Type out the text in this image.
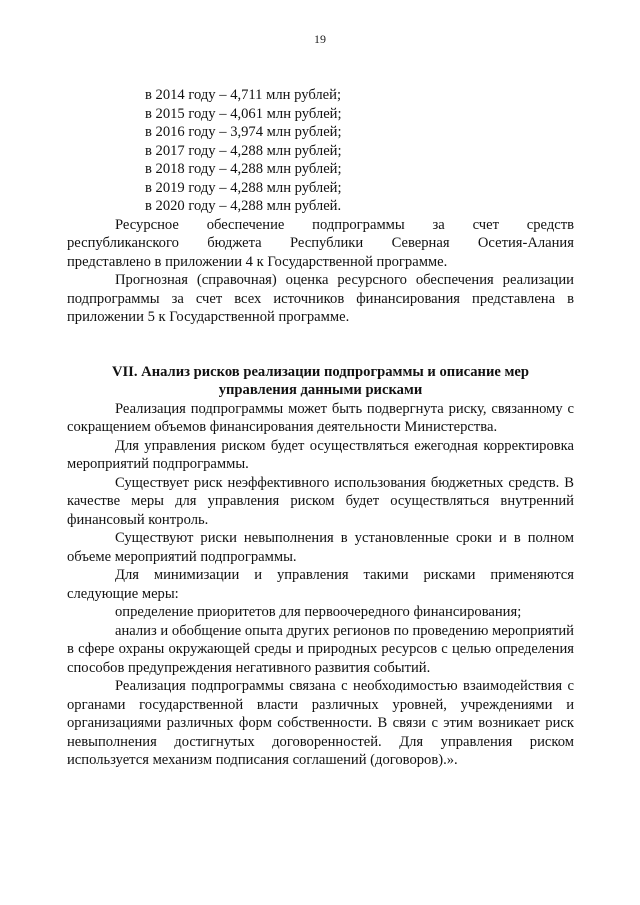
19
в 2014 году – 4,711 млн рублей;
в 2015 году – 4,061 млн рублей;
в 2016 году – 3,974 млн рублей;
в 2017 году – 4,288 млн рублей;
в 2018 году – 4,288 млн рублей;
в 2019 году – 4,288 млн рублей;
в 2020 году – 4,288 млн рублей.
Ресурсное обеспечение подпрограммы за счет средств
республиканского бюджета Республики Северная Осетия-Алания
представлено в приложении 4 к Государственной программе.

Прогнозная (справочная) оценка ресурсного обеспечения реализации подпрограммы за счет всех источников финансирования представлена в приложении 5 к Государственной программе.

VII. Анализ рисков реализации подпрограммы и описание мер

управления данными рисками

Реализация подпрограммы может быть подвергнута риску, связанному с сокращением объемов финансирования деятельности Министерства.

Для управления риском будет осуществляться ежегодная корректировка мероприятий подпрограммы.

Существует риск неэффективного использования бюджетных средств. В качестве меры для управления риском будет осуществляться внутренний финансовый контроль.

Существуют риски невыполнения в установленные сроки и в полном объеме мероприятий подпрограммы.

Для минимизации и управления такими рисками применяются следующие меры:

определение приоритетов для первоочередного финансирования;

анализ и обобщение опыта других регионов по проведению мероприятий в сфере охраны окружающей среды и природных ресурсов с целью определения способов предупреждения негативного развития событий.

Реализация подпрограммы связана с необходимостью взаимодействия с органами государственной власти различных уровней, учреждениями и организациями различных форм собственности. В связи с этим возникает риск невыполнения достигнутых договоренностей. Для управления риском используется механизм подписания соглашений (договоров).».
